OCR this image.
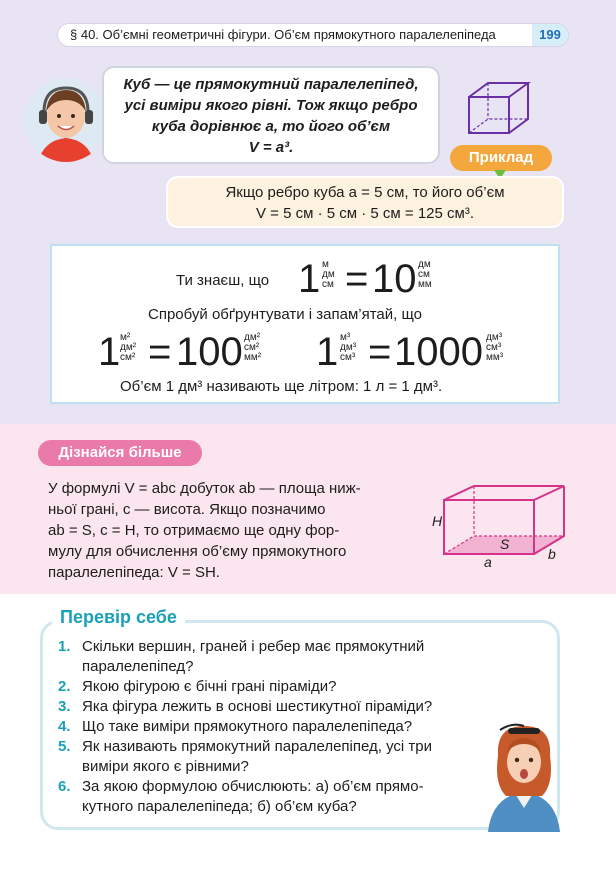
§ 40. Об’ємні геометричні фігури. Об’єм прямокутного паралелепіпеда	199
Куб — це прямокутний паралелепіпед,
усі виміри якого рівні. Тож якщо ребро
куба дорівнює a, то його об’єм
V = a³.
Приклад
Якщо ребро куба a = 5 см, то його об’єм
V = 5 см · 5 см · 5 см = 125 см³.
Ти знаєш, що 1 м
дм
см = 10 дм
см
мм
Спробуй обґрунтувати і запам’ятай, що
1 м²
дм²
см² = 100 дм²
см²
мм² 1 м³
дм³
см³ = 1000 дм³
см³
мм³
Об’єм 1 дм³ називають ще літром: 1 л = 1 дм³.
Дізнайся більше
У формулі V = abc добуток ab — площа ниж-
ньої грані, c — висота. Якщо позначимо
ab = S, c = H, то отримаємо ще одну фор-
мулу для обчислення об’єму прямокутного
паралелепіпеда: V = SH.
H
S
a	b
Перевір себе
1. Скільки вершин, граней і ребер має прямокутний
паралелепіпед?
2. Якою фігурою є бічні грані піраміди?
3. Яка фігура лежить в основі шестикутної піраміди?
4. Що таке виміри прямокутного паралелепіпеда?
5. Як називають прямокутний паралелепіпед, усі три
виміри якого є рівними?
6. За якою формулою обчислюють: а) об’єм прямо-
кутного паралелепіпеда; б) об’єм куба?
